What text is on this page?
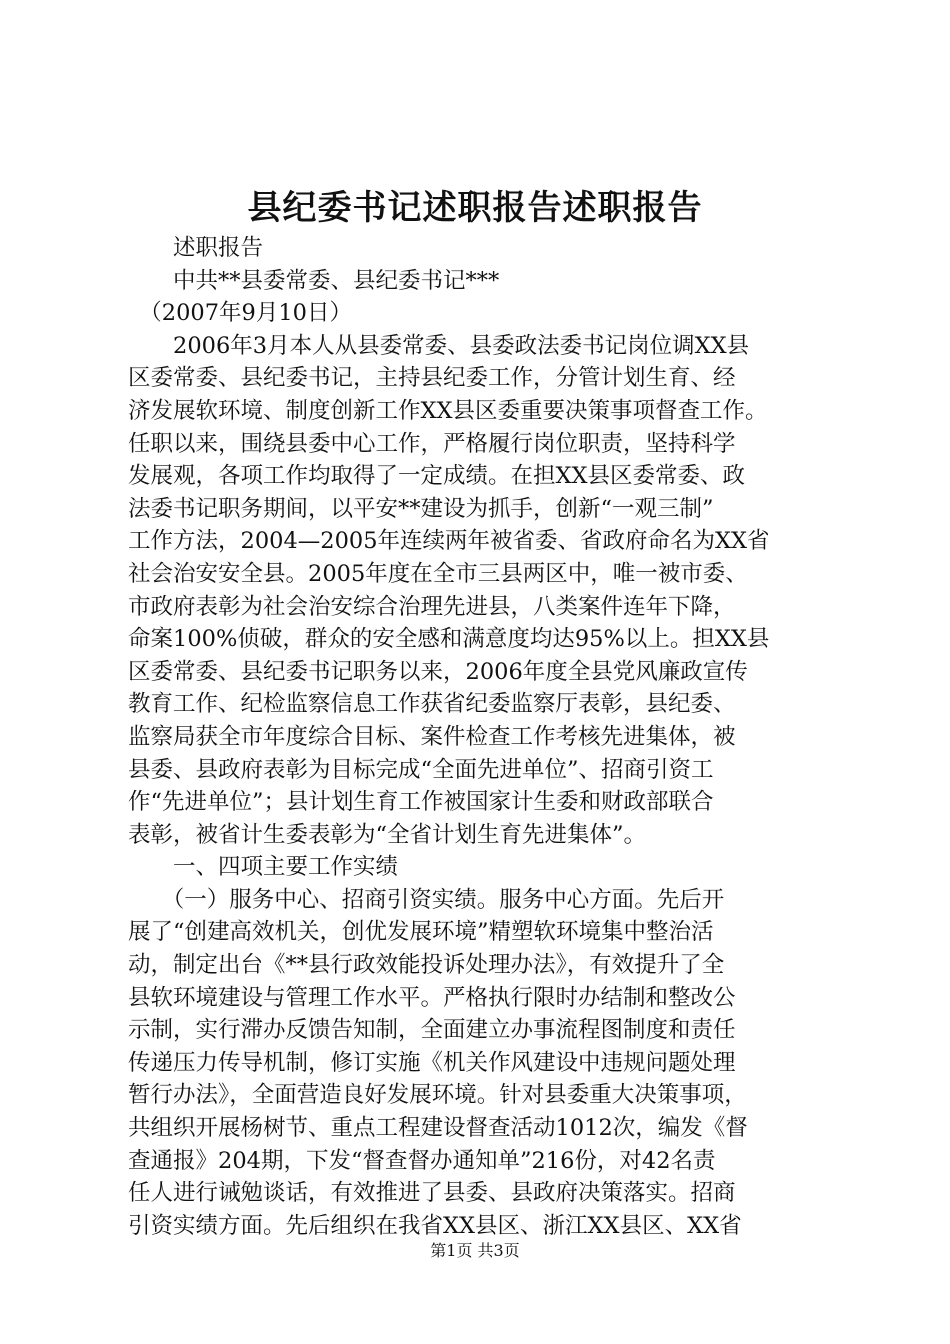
县纪委书记述职报告述职报告
　　述职报告
　　中共**县委常委、县纪委书记***
　（2007年9月10日）
　　2006年3月本人从县委常委、县委政法委书记岗位调XX县
区委常委、县纪委书记，主持县纪委工作，分管计划生育、经
济发展软环境、制度创新工作XX县区委重要决策事项督查工作。
任职以来，围绕县委中心工作，严格履行岗位职责，坚持科学
发展观，各项工作均取得了一定成绩。在担XX县区委常委、政
法委书记职务期间，以平安**建设为抓手，创新“一观三制”
工作方法，2004—2005年连续两年被省委、省政府命名为XX省
社会治安安全县。2005年度在全市三县两区中，唯一被市委、
市政府表彰为社会治安综合治理先进县，八类案件连年下降，
命案100%侦破，群众的安全感和满意度均达95%以上。担XX县
区委常委、县纪委书记职务以来，2006年度全县党风廉政宣传
教育工作、纪检监察信息工作获省纪委监察厅表彰，县纪委、
监察局获全市年度综合目标、案件检查工作考核先进集体，被
县委、县政府表彰为目标完成“全面先进单位”、招商引资工
作“先进单位”；县计划生育工作被国家计生委和财政部联合
表彰，被省计生委表彰为“全省计划生育先进集体”。
　　一、四项主要工作实绩
　　（一）服务中心、招商引资实绩。服务中心方面。先后开
展了“创建高效机关，创优发展环境”精塑软环境集中整治活
动，制定出台《**县行政效能投诉处理办法》，有效提升了全
县软环境建设与管理工作水平。严格执行限时办结制和整改公
示制，实行滞办反馈告知制，全面建立办事流程图制度和责任
传递压力传导机制，修订实施《机关作风建设中违规问题处理
暂行办法》，全面营造良好发展环境。针对县委重大决策事项，
共组织开展杨树节、重点工程建设督查活动1012次，编发《督
查通报》204期，下发“督查督办通知单”216份，对42名责
任人进行诫勉谈话，有效推进了县委、县政府决策落实。招商
引资实绩方面。先后组织在我省XX县区、浙江XX县区、XX省
第1页 共3页
